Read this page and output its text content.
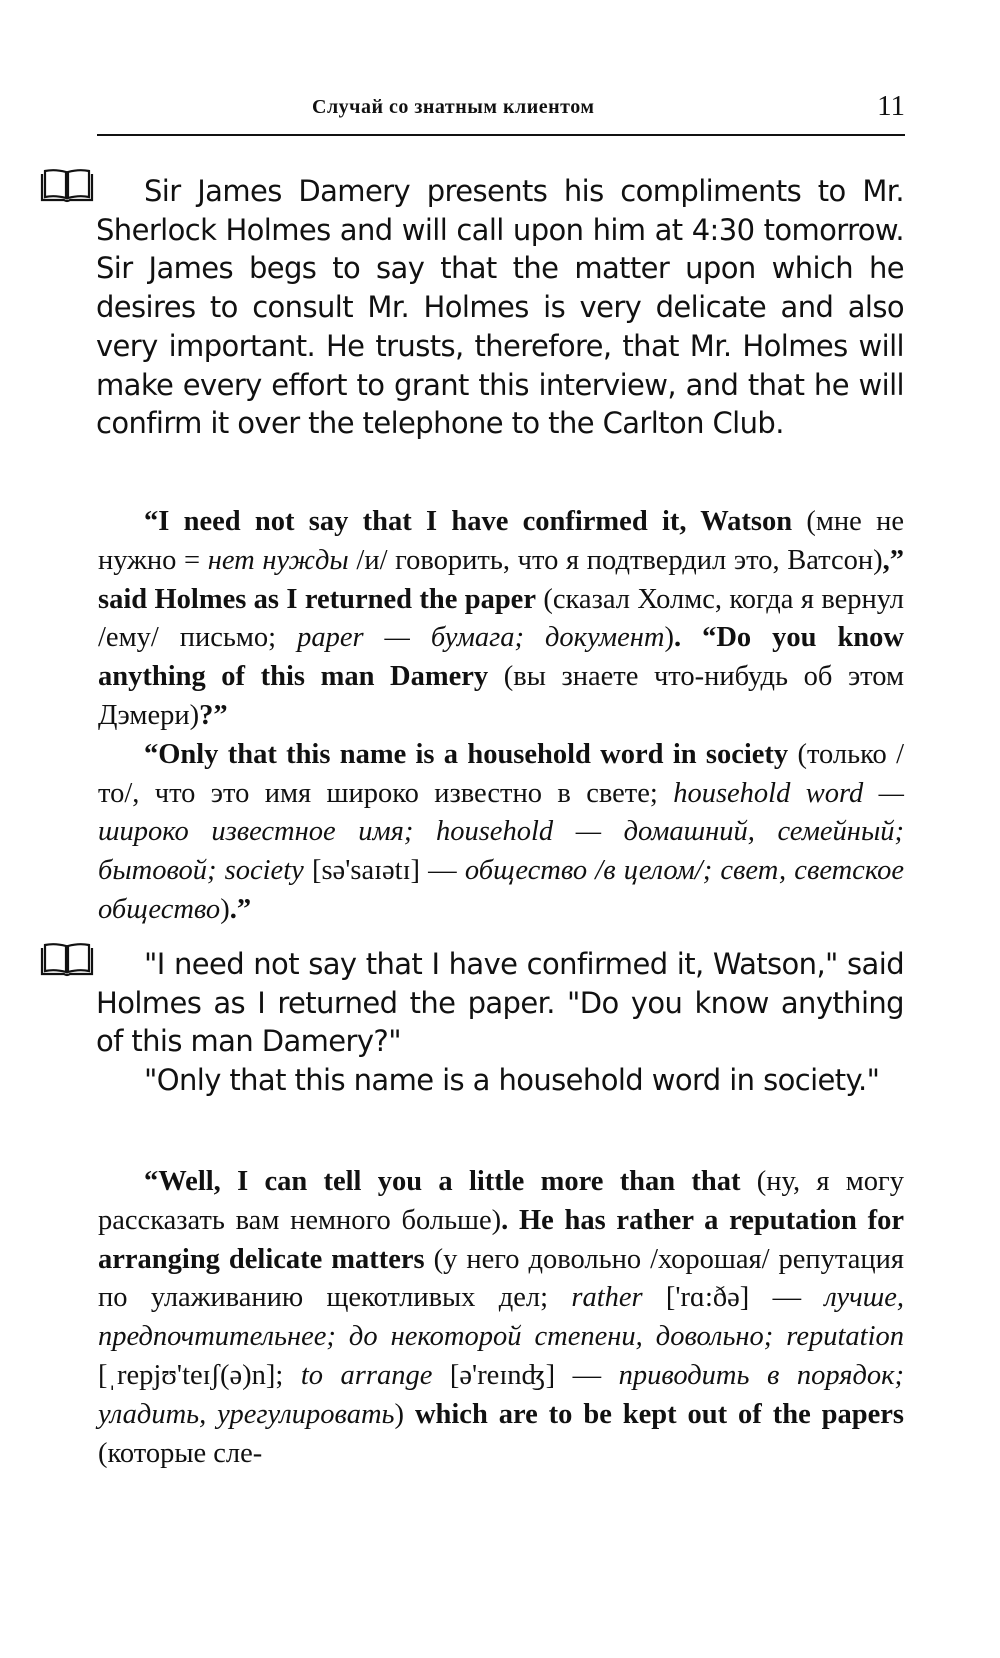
Случай со знатным клиентом	11
Sir James Damery presents his compliments to Mr. Sherlock Holmes and will call upon him at 4:30 tomorrow. Sir James begs to say that the matter upon which he desires to consult Mr. Holmes is very delicate and also very important. He trusts, therefore, that Mr. Holmes will make every effort to grant this interview, and that he will confirm it over the telephone to the Carlton Club.

“I need not say that I have confirmed it, Watson (мне не нужно = нет нужды /и/ говорить, что я подтвердил это, Ватсон),” said Holmes as I returned the paper (сказал Холмс, когда я вернул /ему/ письмо; paper — бумага; документ). “Do you know anything of this man Damery (вы знаете что-нибудь об этом Дэмери)?”

“Only that this name is a household word in society (только /то/, что это имя широко известно в свете; household word — широко известное имя; household — домашний, семейный; бытовой; society [sə'saɪətɪ] — общество /в целом/; свет, светское общество).”

"I need not say that I have confirmed it, Watson," said Holmes as I returned the paper. "Do you know anything of this man Damery?"
"Only that this name is a household word in society."

“Well, I can tell you a little more than that (ну, я могу рассказать вам немного больше). He has rather a reputation for arranging delicate matters (у него довольно /хорошая/ репутация по улаживанию щекотливых дел; rather ['rɑ:ðə] — лучше, предпочтительнее; до некоторой степени, довольно; reputation [ˌrepjʊ'teɪʃ(ə)n]; to arrange [ə'reɪnʤ] — приводить в порядок; уладить, урегулировать) which are to be kept out of the papers (которые сле-
